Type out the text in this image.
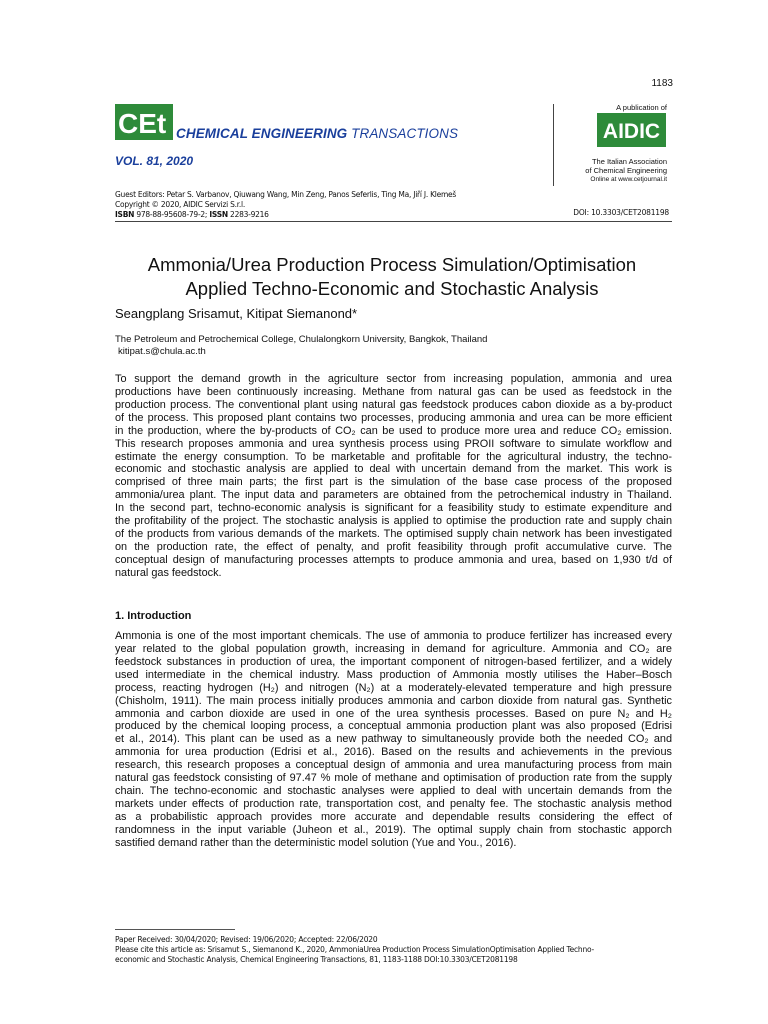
1183
CEt CHEMICAL ENGINEERING TRANSACTIONS
VOL. 81, 2020
A publication of
AIDIC
The Italian Association
of Chemical Engineering
Online at www.cetjournal.it
Guest Editors: Petar S. Varbanov, Qiuwang Wang, Min Zeng, Panos Seferlis, Ting Ma, Jiří J. Klemeš
Copyright © 2020, AIDIC Servizi S.r.l.
ISBN 978-88-95608-79-2; ISSN 2283-9216	DOI: 10.3303/CET2081198
Ammonia/Urea Production Process Simulation/Optimisation
Applied Techno-Economic and Stochastic Analysis
Seangplang Srisamut, Kitipat Siemanond*
The Petroleum and Petrochemical College, Chulalongkorn University, Bangkok, Thailand
kitipat.s@chula.ac.th
To support the demand growth in the agriculture sector from increasing population, ammonia and urea
productions have been continuously increasing. Methane from natural gas can be used as feedstock in the
production process. The conventional plant using natural gas feedstock produces cabon dioxide as a by-product
of the process. This proposed plant contains two processes, producing ammonia and urea can be more efficient
in the production, where the by-products of CO₂ can be used to produce more urea and reduce CO₂ emission.
This research proposes ammonia and urea synthesis process using PROII software to simulate workflow and
estimate the energy consumption. To be marketable and profitable for the agricultural industry, the techno-
economic and stochastic analysis are applied to deal with uncertain demand from the market. This work is
comprised of three main parts; the first part is the simulation of the base case process of the proposed
ammonia/urea plant. The input data and parameters are obtained from the petrochemical industry in Thailand.
In the second part, techno-economic analysis is significant for a feasibility study to estimate expenditure and
the profitability of the project. The stochastic analysis is applied to optimise the production rate and supply chain
of the products from various demands of the markets. The optimised supply chain network has been investigated
on the production rate, the effect of penalty, and profit feasibility through profit accumulative curve. The
conceptual design of manufacturing processes attempts to produce ammonia and urea, based on 1,930 t/d of
natural gas feedstock.
1. Introduction
Ammonia is one of the most important chemicals. The use of ammonia to produce fertilizer has increased every
year related to the global population growth, increasing in demand for agriculture. Ammonia and CO₂ are
feedstock substances in production of urea, the important component of nitrogen-based fertilizer, and a widely
used intermediate in the chemical industry. Mass production of Ammonia mostly utilises the Haber–Bosch
process, reacting hydrogen (H₂) and nitrogen (N₂) at a moderately-elevated temperature and high pressure
(Chisholm, 1911). The main process initially produces ammonia and carbon dioxide from natural gas. Synthetic
ammonia and carbon dioxide are used in one of the urea synthesis processes. Based on pure N₂ and H₂
produced by the chemical looping process, a conceptual ammonia production plant was also proposed (Edrisi
et al., 2014). This plant can be used as a new pathway to simultaneously provide both the needed CO₂ and
ammonia for urea production (Edrisi et al., 2016). Based on the results and achievements in the previous
research, this research proposes a conceptual design of ammonia and urea manufacturing process from main
natural gas feedstock consisting of 97.47 % mole of methane and optimisation of production rate from the supply
chain. The techno-economic and stochastic analyses were applied to deal with uncertain demands from the
markets under effects of production rate, transportation cost, and penalty fee. The stochastic analysis method
as a probabilistic approach provides more accurate and dependable results considering the effect of
randomness in the input variable (Juheon et al., 2019). The optimal supply chain from stochastic apporch
sastified demand rather than the deterministic model solution (Yue and You., 2016).
Paper Received: 30/04/2020; Revised: 19/06/2020; Accepted: 22/06/2020
Please cite this article as: Srisamut S., Siemanond K., 2020, AmmoniaUrea Production Process SimulationOptimisation Applied Techno-
economic and Stochastic Analysis, Chemical Engineering Transactions, 81, 1183-1188 DOI:10.3303/CET2081198
